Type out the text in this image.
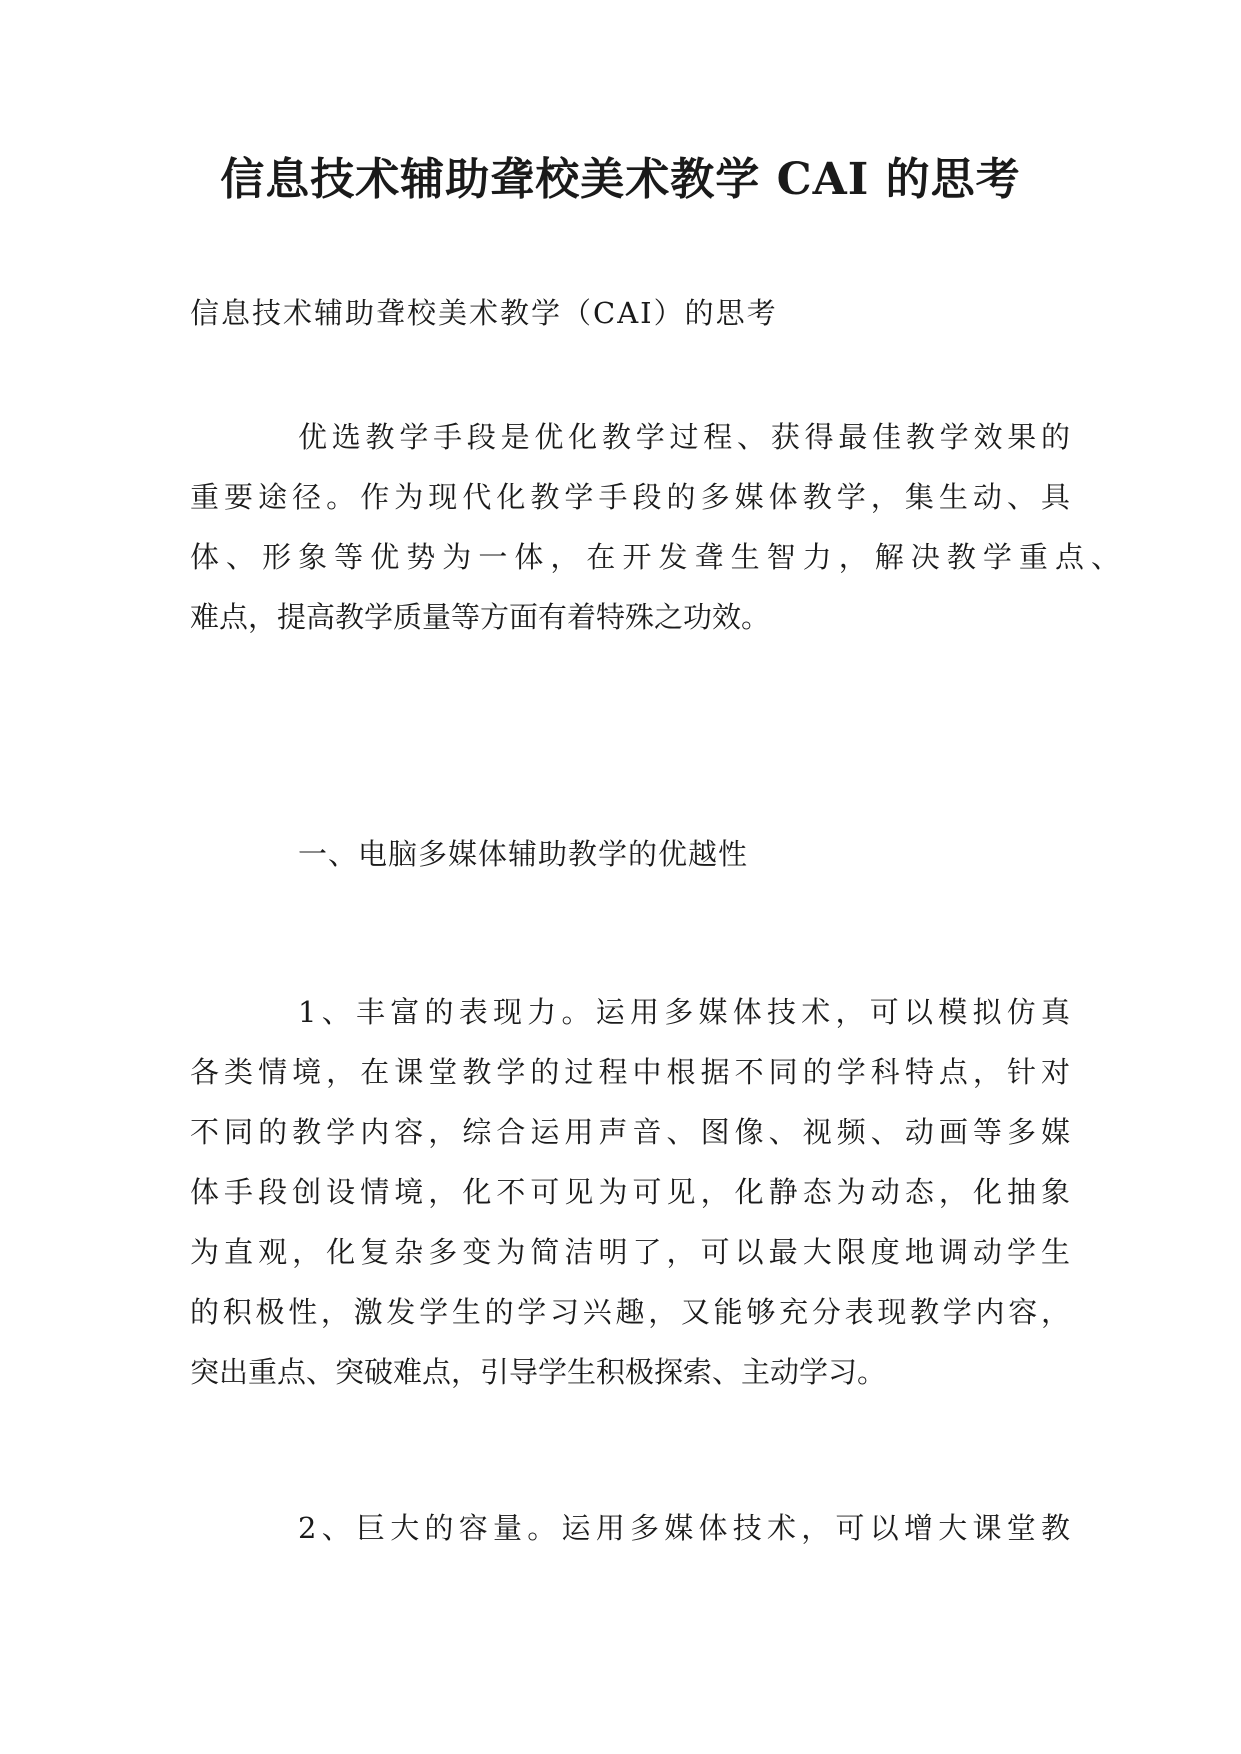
信息技术辅助聋校美术教学 CAI 的思考

信息技术辅助聋校美术教学（CAI）的思考

优选教学手段是优化教学过程、获得最佳教学效果的
重要途径。作为现代化教学手段的多媒体教学，集生动、具
体、形象等优势为一体，在开发聋生智力，解决教学重点、
难点，提高教学质量等方面有着特殊之功效。

一、电脑多媒体辅助教学的优越性

1、丰富的表现力。运用多媒体技术，可以模拟仿真
各类情境，在课堂教学的过程中根据不同的学科特点，针对
不同的教学内容，综合运用声音、图像、视频、动画等多媒
体手段创设情境，化不可见为可见，化静态为动态，化抽象
为直观，化复杂多变为简洁明了，可以最大限度地调动学生
的积极性，激发学生的学习兴趣，又能够充分表现教学内容，
突出重点、突破难点，引导学生积极探索、主动学习。
2、巨大的容量。运用多媒体技术，可以增大课堂教
